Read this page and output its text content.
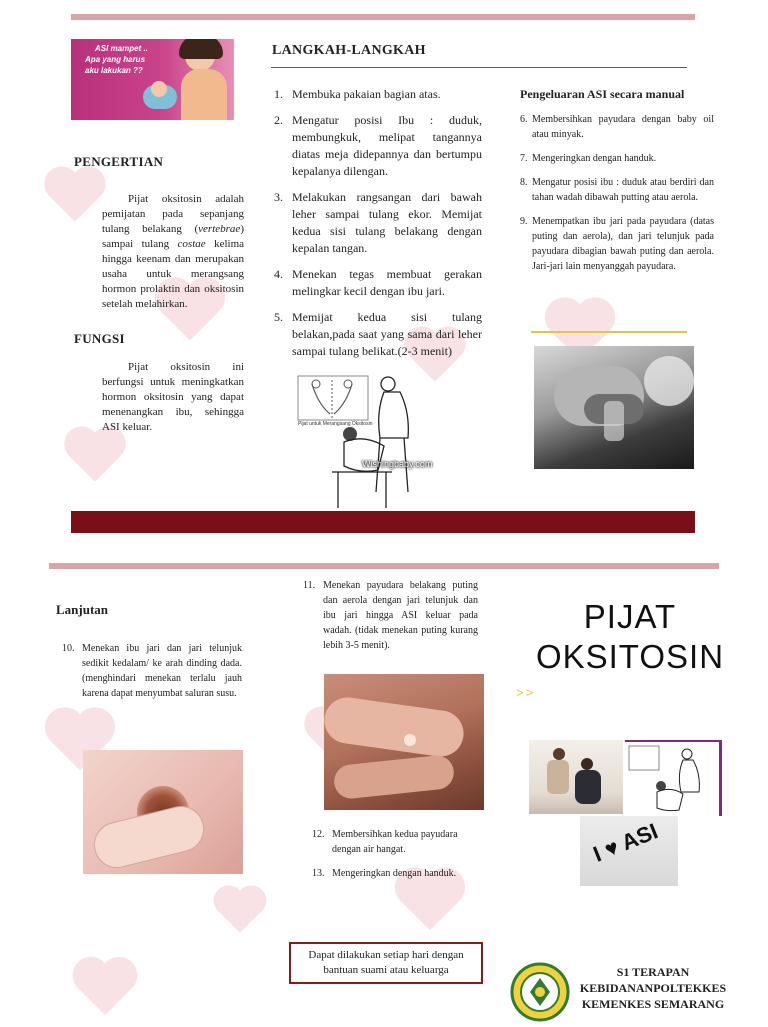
ASI mampet ..
Apa yang harus
aku lakukan ??
PENGERTIAN
Pijat oksitosin adalah pemijatan pada sepanjang tulang belakang (vertebrae) sampai tulang costae kelima hingga keenam dan merupakan usaha untuk merangsang hormon prolaktin dan oksitosin setelah melahirkan.
FUNGSI
Pijat oksitosin ini berfungsi untuk meningkatkan hormon oksitosin yang dapat menenangkan ibu, sehingga ASI keluar.
LANGKAH-LANGKAH
1. Membuka pakaian bagian atas.
2. Mengatur posisi Ibu : duduk, membungkuk, melipat tangannya diatas meja didepannya dan bertumpu kepalanya dilengan.
3. Melakukan rangsangan dari bawah leher sampai tulang ekor. Memijat kedua sisi tulang belakang dengan kepalan tangan.
4. Menekan tegas membuat gerakan melingkar kecil dengan ibu jari.
5. Memijat kedua sisi tulang belakan,pada saat yang sama dari leher sampai tulang belikat.(2-3 menit)
Pijat untuk Merangsang Oksitosin
Wishingbaby.com
Pengeluaran ASI secara manual
6. Membersihkan payudara dengan baby oil atau minyak.
7. Mengeringkan dengan handuk.
8. Mengatur posisi ibu : duduk atau berdiri dan tahan wadah dibawah putting atau aerola.
9. Menempatkan ibu jari pada payudara (datas puting dan aerola), dan jari telunjuk pada payudara dibagian bawah puting dan aerola. Jari-jari lain menyanggah payudara.
Lanjutan
10. Menekan ibu jari dan jari telunjuk sedikit kedalam/ ke arah dinding dada. (menghindari menekan terlalu jauh karena dapat menyumbat saluran susu.
11. Menekan payudara belakang puting dan aerola dengan jari telunjuk dan ibu jari hingga ASI keluar pada wadah. (tidak menekan puting kurang lebih 3-5 menit).
12. Membersihkan kedua payudara dengan air hangat.
13. Mengeringkan dengan handuk.
Dapat dilakukan setiap hari dengan bantuan suami atau keluarga
PIJAT
OKSITOSIN
>>
I ♥ ASI
S1 TERAPAN
KEBIDANANPOLTEKKES
KEMENKES SEMARANG
